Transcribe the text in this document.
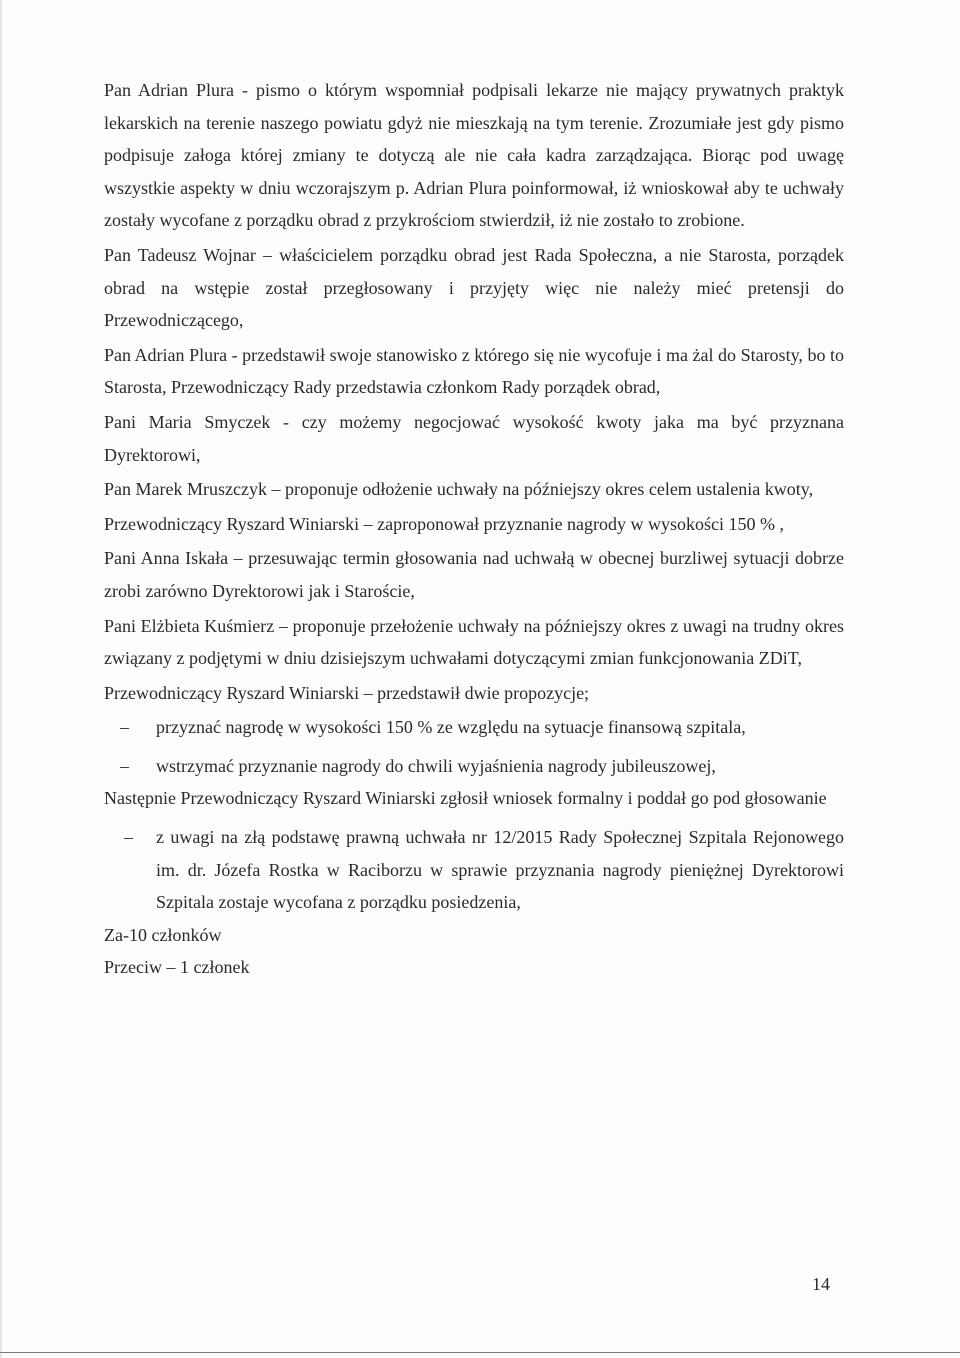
Pan Adrian Plura - pismo o którym wspomniał podpisali lekarze nie mający prywatnych praktyk lekarskich na terenie naszego powiatu gdyż nie mieszkają na tym terenie. Zrozumiałe jest gdy pismo podpisuje załoga której zmiany te dotyczą ale nie cała kadra zarządzająca. Biorąc pod uwagę wszystkie aspekty w dniu wczorajszym p. Adrian Plura poinformował, iż wnioskował aby te uchwały zostały wycofane z porządku obrad z przykrościom stwierdził, iż nie zostało to zrobione.

Pan Tadeusz Wojnar – właścicielem porządku obrad jest Rada Społeczna, a nie Starosta, porządek obrad na wstępie został przegłosowany i przyjęty więc nie należy mieć pretensji do Przewodniczącego,

Pan Adrian Plura - przedstawił swoje stanowisko z którego się nie wycofuje i ma żal do Starosty, bo to Starosta, Przewodniczący Rady przedstawia członkom Rady porządek obrad,

Pani Maria Smyczek - czy możemy negocjować wysokość kwoty jaka ma być przyznana Dyrektorowi,

Pan Marek Mruszczyk – proponuje odłożenie uchwały na późniejszy okres celem ustalenia kwoty,

Przewodniczący Ryszard Winiarski – zaproponował przyznanie nagrody w wysokości 150 % ,

Pani Anna Iskała – przesuwając termin głosowania nad uchwałą w obecnej burzliwej sytuacji dobrze zrobi zarówno Dyrektorowi jak i Staroście,

Pani Elżbieta Kuśmierz – proponuje przełożenie uchwały na późniejszy okres z uwagi na trudny okres związany z podjętymi w dniu dzisiejszym uchwałami dotyczącymi zmian funkcjonowania ZDiT,

Przewodniczący Ryszard Winiarski – przedstawił dwie propozycje;

– przyznać nagrodę w wysokości 150 % ze względu na sytuacje finansową szpitala,
– wstrzymać przyznanie nagrody do chwili wyjaśnienia nagrody jubileuszowej,

Następnie Przewodniczący Ryszard Winiarski zgłosił wniosek formalny i poddał go pod głosowanie

– z uwagi na złą podstawę prawną uchwała nr 12/2015 Rady Społecznej Szpitala Rejonowego im. dr. Józefa Rostka w Raciborzu w sprawie przyznania nagrody pieniężnej Dyrektorowi Szpitala zostaje wycofana z porządku posiedzenia,

Za-10 członków

Przeciw – 1 członek

14
